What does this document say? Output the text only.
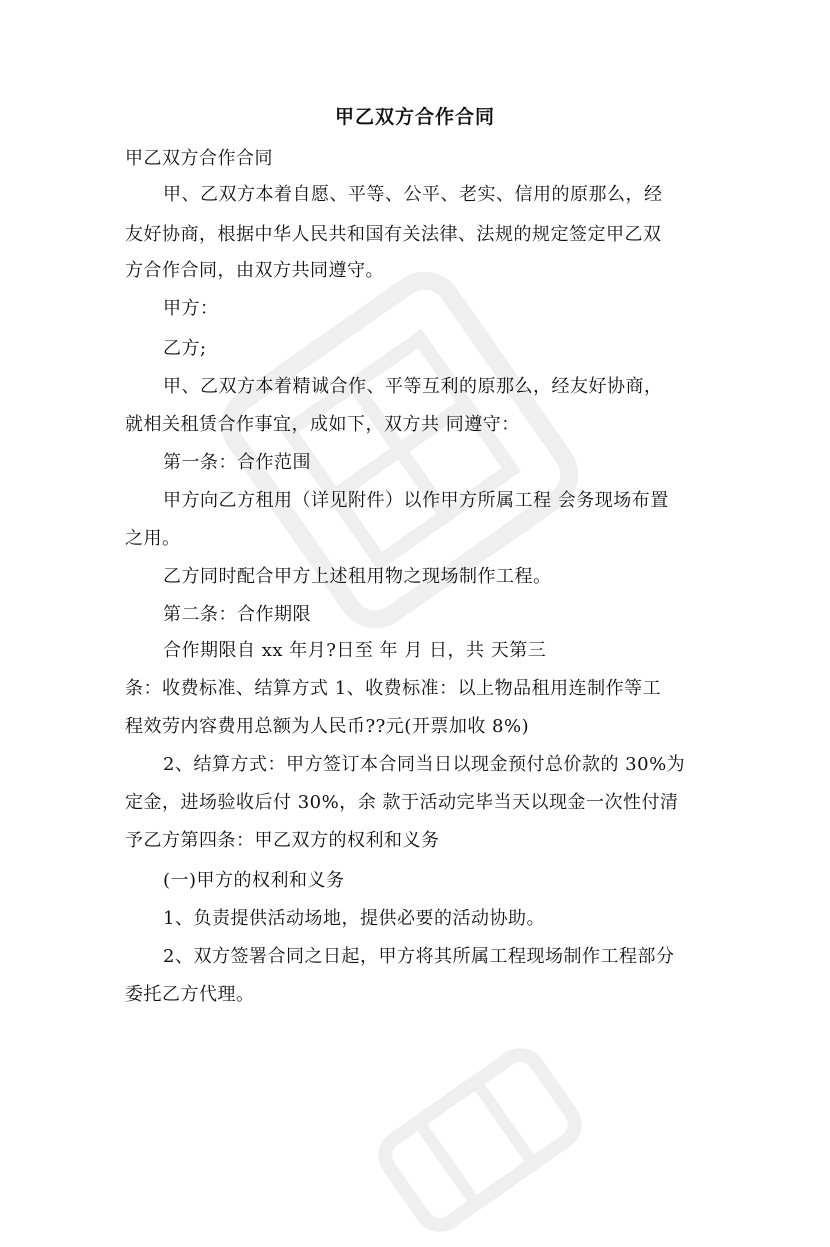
甲乙双方合作合同
甲乙双方合作合同
甲、乙双方本着自愿、平等、公平、老实、信用的原那么，经
友好协商，根据中华人民共和国有关法律、法规的规定签定甲乙双
方合作合同，由双方共同遵守。
甲方：
乙方;
甲、乙双方本着精诚合作、平等互利的原那么，经友好协商，
就相关租赁合作事宜，成如下，双方共 同遵守：
第一条：合作范围
甲方向乙方租用（详见附件）以作甲方所属工程 会务现场布置
之用。
乙方同时配合甲方上述租用物之现场制作工程。
第二条：合作期限
合作期限自 xx 年月?日至 年 月 日，共 天第三
条：收费标准、结算方式 1、收费标准：以上物品租用连制作等工
程效劳内容费用总额为人民币??元(开票加收 8%)
2、结算方式：甲方签订本合同当日以现金预付总价款的 30%为
定金，进场验收后付 30%，余 款于活动完毕当天以现金一次性付清
予乙方第四条：甲乙双方的权利和义务
(一)甲方的权利和义务
1、负责提供活动场地，提供必要的活动协助。
2、双方签署合同之日起，甲方将其所属工程现场制作工程部分
委托乙方代理。
